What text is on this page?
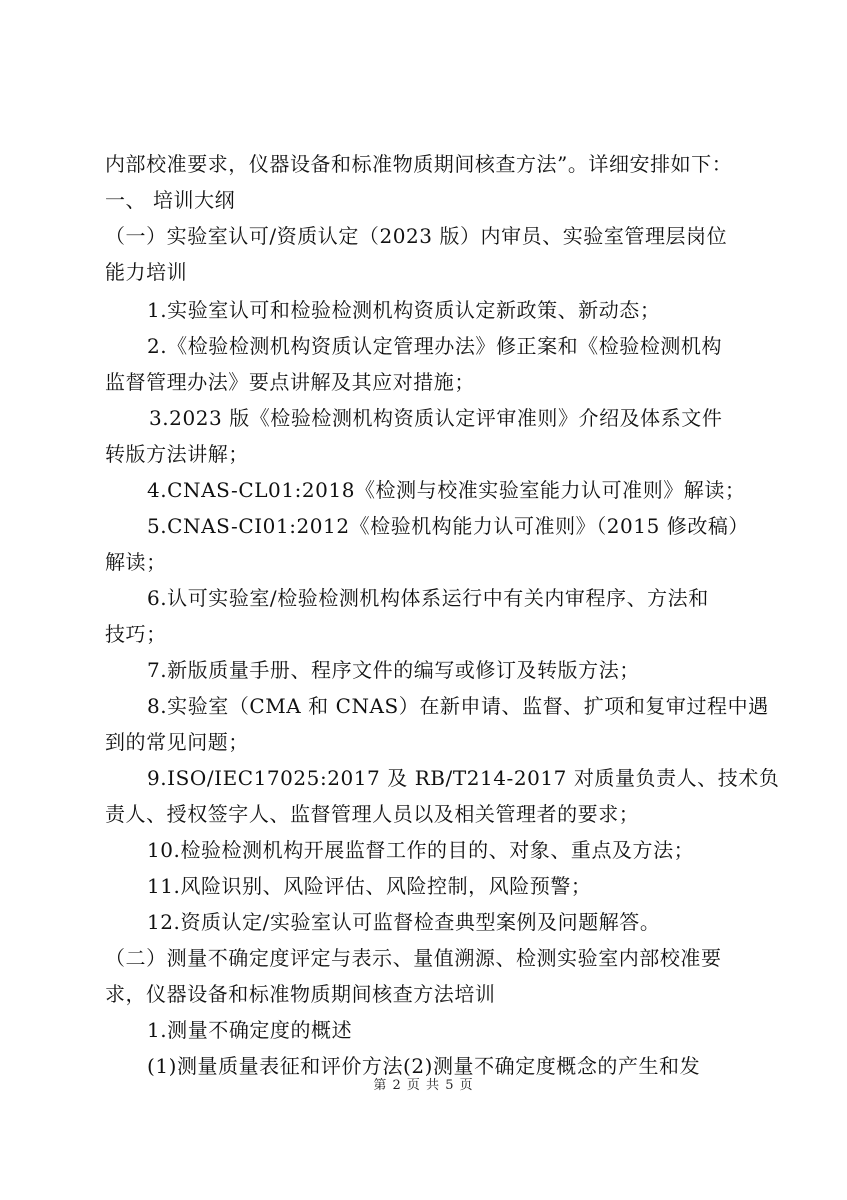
内部校准要求，仪器设备和标准物质期间核查方法”。详细安排如下：
一、 培训大纲
（一）实验室认可/资质认定（2023 版）内审员、实验室管理层岗位
能力培训
1.实验室认可和检验检测机构资质认定新政策、新动态；
2.《检验检测机构资质认定管理办法》修正案和《检验检测机构
监督管理办法》要点讲解及其应对措施；
3.2023 版《检验检测机构资质认定评审准则》介绍及体系文件
转版方法讲解；
4.CNAS-CL01:2018《检测与校准实验室能力认可准则》解读；
5.CNAS-CI01:2012《检验机构能力认可准则》（2015 修改稿）
解读；
6.认可实验室/检验检测机构体系运行中有关内审程序、方法和
技巧；
7.新版质量手册、程序文件的编写或修订及转版方法；
8.实验室（CMA 和 CNAS）在新申请、监督、扩项和复审过程中遇
到的常见问题；
9.ISO/IEC17025:2017 及 RB/T214-2017 对质量负责人、技术负
责人、授权签字人、监督管理人员以及相关管理者的要求；
10.检验检测机构开展监督工作的目的、对象、重点及方法；
11.风险识别、风险评估、风险控制，风险预警；
12.资质认定/实验室认可监督检查典型案例及问题解答。
（二）测量不确定度评定与表示、量值溯源、检测实验室内部校准要
求，仪器设备和标准物质期间核查方法培训
1.测量不确定度的概述
(1)测量质量表征和评价方法(2)测量不确定度概念的产生和发
第 2 页 共 5 页
